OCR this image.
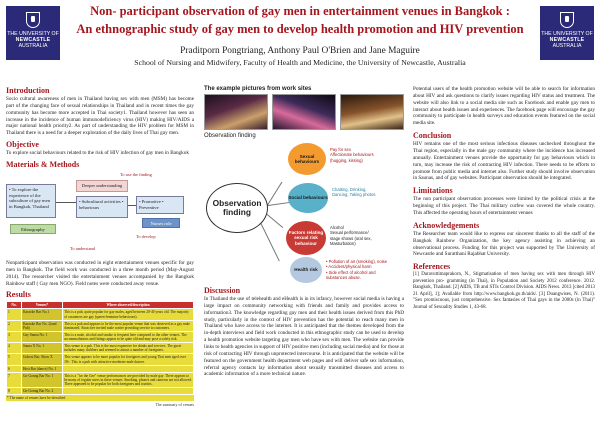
THE UNIVERSITY OF
NEWCASTLE
AUSTRALIA
Non- participant observation of gay men in entertainment venues in Bangkok :
An ethnographic study of gay men to develop health promotion and HIV prevention
Praditporn Pongtriang, Anthony Paul O'Brien and Jane Maguire
School of Nursing and Midwifery, Faculty of Health and Medicine, the University of Newcastle, Australia
THE UNIVERSITY OF
NEWCASTLE
AUSTRALIA
Introduction

Socio cultural awareness of men in Thailand having sex with men (MSM) has become part of the changing face of sexual relationships in Thailand and in recent times the gay community has become more accepted in Thai society1. Thailand however has seen an increase in the incidence of human immunodeficiency virus (HIV) making HIV/AIDS a major national health priority2. As part of understanding the HIV problem for MSM in Thailand there is a need for a deeper exploration of the daily lives of Thai gay men.

Objective

To explore social behaviours related to the risk of HIV infection of gay men in Bangkok

Materials & Methods
To use the finding
• To explore the experience of the subculture of gay men in Bangkok, Thailand
Deeper understanding
• Subcultural activities • behaviours
• Promotive • Preventive
Nurses role
Ethnography
To understand
To develop

Nonparticipant observation was conducted in eight entertainment venues specific for gay men in Bangkok. The field work was conducted in a three month period (May-August 2014). The researcher visited the entertainment venues accompanied by the Bangkok Rainbow staff ( Gay men NGO). Field notes were conducted away venue.

Results
No.	Venues*	Where observed/description
1	Karaoke Bar No.1	This is a pub, quite popular for gay males, aged between 20-40 years old. The majority of customers are gay (queen-feminine behaviours).
2	Karaoke Bar No. 2(and Pub)	This is a pub and appears to be the most popular venue that was observed as a gay male dominated. Attractive invited male waiter providing service to customers.
3	Gay Sauna No. 1	This is a male, alcohol and smoke is frequent here compared to the other venues. The accommodations and fittings appear to be quite old and may pose a safety risk.
4	Sauna X No. 1	This venue is a pub. This is the most expensive for drinks and services. The guest includes many clubbers and seemed to attract a number of foreigners.
5	Gohost Bar, Show X	This venue appears to be more popular for foreigners and young Thai men aged over 18+. This is a pub with attractive moderate male dancer.
6	Host Bar (dance) No. 1	
7	Go-Gonng Bar No. 1	This is a "for the Gee" venue performances are provided by male gay. There appears to be many of regular users in these venues. Smoking, phones and cameras are not allowed. Three appeared to be popular for both foreigners and tourists.
8	Go-Gonng Bar No. 2	
* The name of venues have be identified
The summary of venues
The example pictures from work sites
Observation finding
Observation finding
Sexual behaviours
Social behaviours
Factors relating sexual risk behaviour
Health risk
Pay for sex
Affectionate behaviours
(hugging, kissing)
Chatting, Drinking,
Dancing, Taking photos
Alcohol
Sexual performance/
stage shows (oral sex,
Masturbation)
• Pollution of air (smoking), noise
• Accident/physical harm
• Side effect of alcohol and
substances abuse.
Discussion

In Thailand the use of telehealth and eHealth is in its infancy, however social media is having a large impact on community networking with friends and family and provides access to information3. The knowledge regarding gay men and their health issues derived from this PhD study, particularly in the context of HIV prevention has the potential to reach many men in Thailand who have access to the internet. It is anticipated that the themes developed from the in-depth interviews and field work conducted in this ethnographic study can be used to develop a health promotion website targeting gay men who have sex with men. The website can provide links to health agencies in support of HIV positive men (including social media) and for those at risk of contracting HIV through unprotected intercourse. It is anticipated that the website will be featured on the government health department web pages and will deliver safe sex information, referral agency contacts lay information about sexually transmitted diseases and access to academic information of a more technical nature.

Potential users of the health promotion website will be able to search for information about HIV and ask questions to clarify issues regarding HIV status and treatment. The website will also link to a social media site such as Facebook and enable gay men to interact about health issues and experiences. The facebook page will encourage the gay community to participate in health surveys and education events featured on the social media site.

Conclusion

HIV remains one of the most serious infectious diseases unchecked throughout the Thai region, especially in the male gay community where the incidence has increased annually. Entertainment venues provide the opportunity for gay behaviours which in turn, may increase the risk of contracting HIV infection. There needs to be efforts to promote from public media and internet also. Further study should involve observation in Saunas, and of gay websites. Participant observation should be integrated.

Limitations

The non participant observation processes were limited by the political crisis at the beginning of this project. The Thai military curfew was covered the whole country. This affected the operating hours of entertainment venues

Acknowledgements

The Researcher team would like to express our sincerest thanks to all the staff of the Bangkok Rainbow Organization, the key agency assisting in achieving an observational process. Funding for this project was supported by The University of Newcastle and Suratthani Rajabhat University.

References

[1] Daravuttimaprakorn, N., Stigmatisation of men having sex with men through HIV prevention pro- gramming (in Thai), in Population and Society 2012 conference. 2012. Bangkok, Thailand. [2] AIDS, TB and STIs Control Division. AIDS News. 2013 [cited 2013 21 April], 1]; Available from http://www.bangkok.go.th/aids/. [3] Duangwises, N. (2011). "Sex promiscuous, just comprehensive. Sex fantasies of Thai gays in the 2000s (in Thai)" Journal of Sexuality Studies 1, 43-68.
